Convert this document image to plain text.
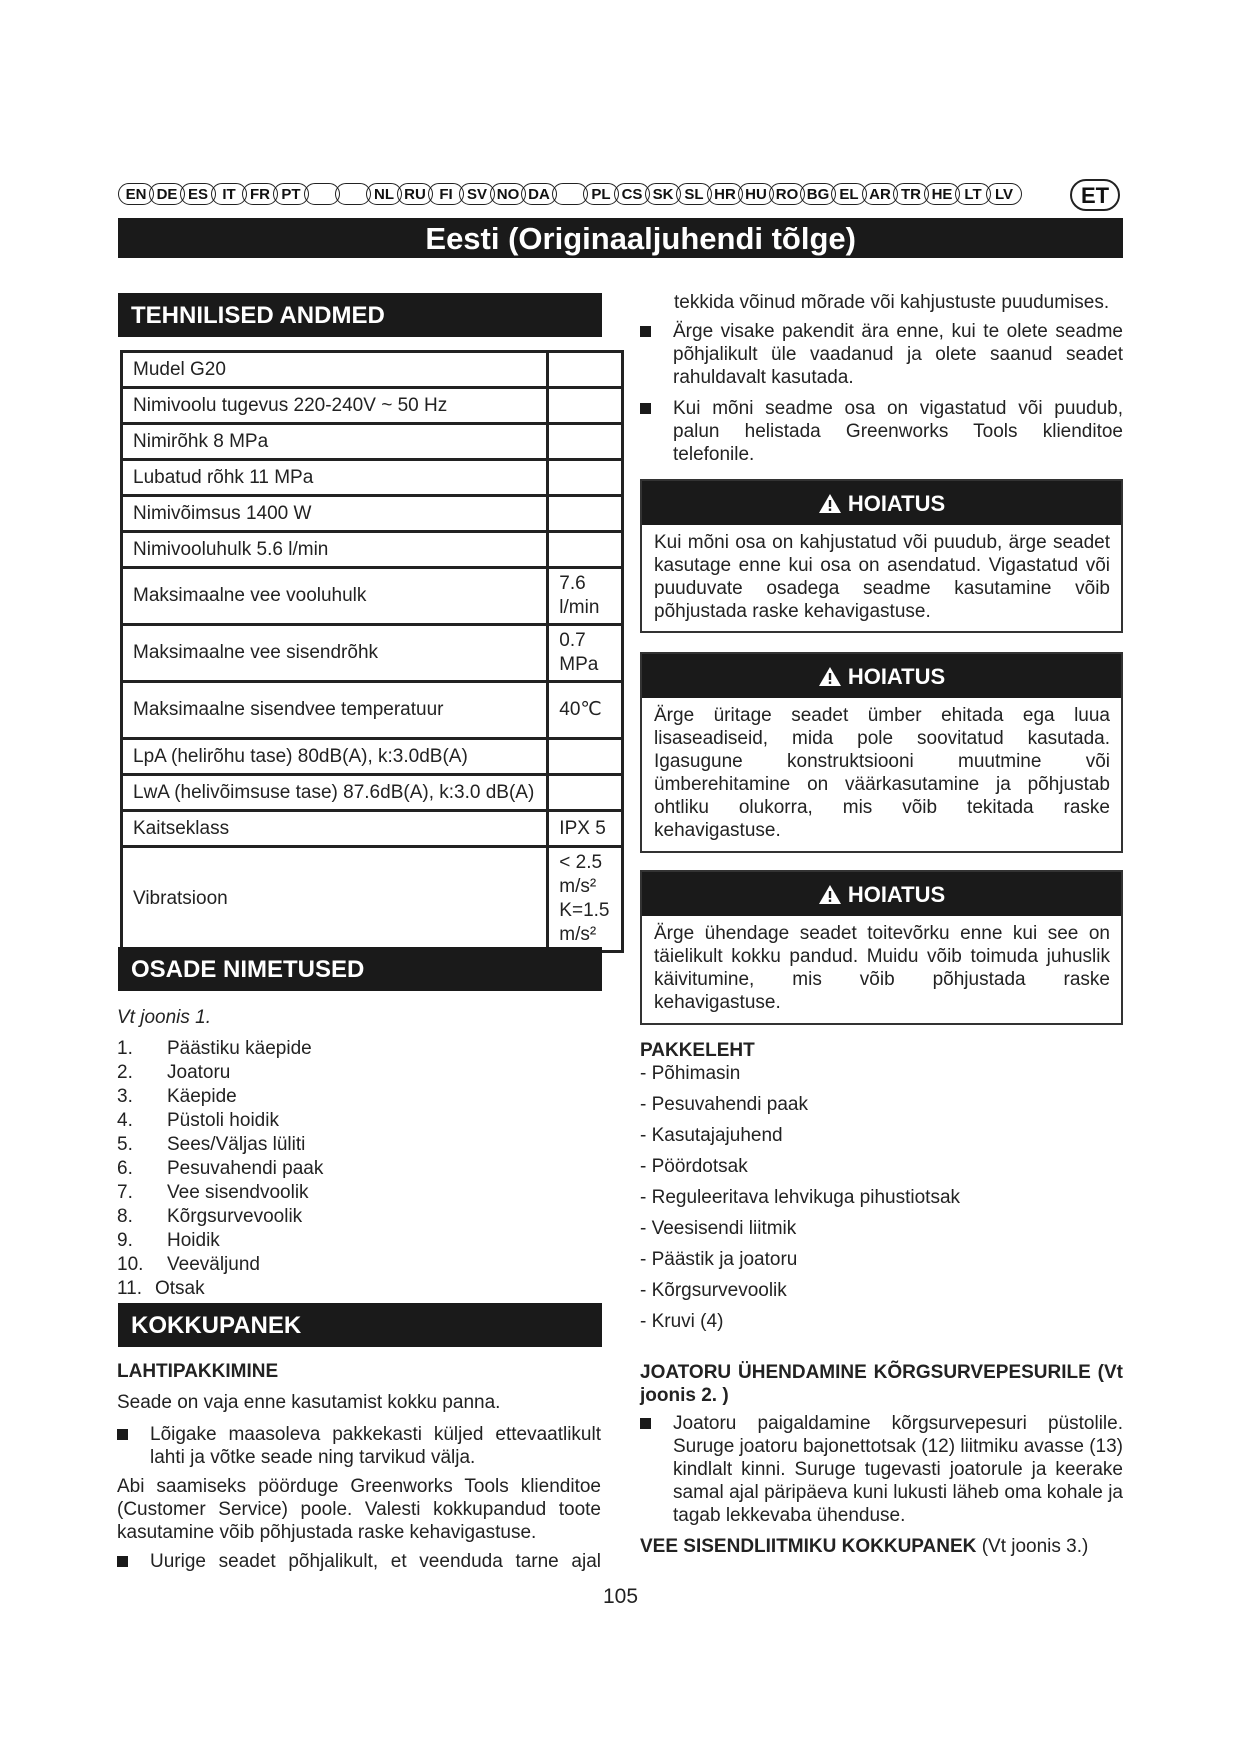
EN DE ES IT FR PT	NL RU FI SV NO DA	PL CS SK SL HR HU RO BG EL AR TR HE LT LV	ET
Eesti (Originaaljuhendi tõlge)
TEHNILISED ANDMED
Mudel G20	
Nimivoolu tugevus 220-240V ~ 50 Hz	
Nimirõhk 8 MPa	
Lubatud rõhk 11 MPa	
Nimivõimsus 1400 W	
Nimivooluhulk 5.6 l/min	
Maksimaalne vee vooluhulk	7.6 l/min
Maksimaalne vee sisendrõhk	0.7 MPa
Maksimaalne sisendvee temperatuur	40℃
LpA (helirõhu tase) 80dB(A), k:3.0dB(A)	
LwA (helivõimsuse tase) 87.6dB(A), k:3.0 dB(A)	
Kaitseklass	IPX 5
Vibratsioon	< 2.5 m/s² K=1.5 m/s²
OSADE NIMETUSED
Vt joonis 1.
1. Päästiku käepide
2. Joatoru
3. Käepide
4. Püstoli hoidik
5. Sees/Väljas lüliti
6. Pesuvahendi paak
7. Vee sisendvoolik
8. Kõrgsurvevoolik
9. Hoidik
10. Veeväljund
11. Otsak
KOKKUPANEK
LAHTIPAKKIMINE
Seade on vaja enne kasutamist kokku panna.
Lõigake maasoleva pakkekasti küljed ettevaatlikult lahti ja võtke seade ning tarvikud välja.
Abi saamiseks pöörduge Greenworks Tools klienditoe (Customer Service) poole. Valesti kokkupandud toote kasutamine võib põhjustada raske kehavigastuse.
Uurige seadet põhjalikult, et veenduda tarne ajal
tekkida võinud mõrade või kahjustuste puudumises.
Ärge visake pakendit ära enne, kui te olete seadme põhjalikult üle vaadanud ja olete saanud seadet rahuldavalt kasutada.
Kui mõni seadme osa on vigastatud või puudub, palun helistada Greenworks Tools klienditoe telefonile.
HOIATUS
Kui mõni osa on kahjustatud või puudub, ärge seadet kasutage enne kui osa on asendatud. Vigastatud või puuduvate osadega seadme kasutamine võib põhjustada raske kehavigastuse.
HOIATUS
Ärge üritage seadet ümber ehitada ega luua lisaseadiseid, mida pole soovitatud kasutada. Igasugune konstruktsiooni muutmine või ümberehitamine on väärkasutamine ja põhjustab ohtliku olukorra, mis võib tekitada raske kehavigastuse.
HOIATUS
Ärge ühendage seadet toitevõrku enne kui see on täielikult kokku pandud. Muidu võib toimuda juhuslik käivitumine, mis võib põhjustada raske kehavigastuse.
PAKKELEHT
- Põhimasin
- Pesuvahendi paak
- Kasutajajuhend
- Pöördotsak
- Reguleeritava lehvikuga pihustiotsak
- Veesisendi liitmik
- Päästik ja joatoru
- Kõrgsurvevoolik
- Kruvi (4)
JOATORU ÜHENDAMINE KÕRGSURVEPESURILE (Vt joonis 2. )
Joatoru paigaldamine kõrgsurvepesuri püstolile. Suruge joatoru bajonettotsak (12) liitmiku avasse (13) kindlalt kinni. Suruge tugevasti joatorule ja keerake samal ajal päripäeva kuni lukusti läheb oma kohale ja tagab lekkevaba ühenduse.
VEE SISENDLIITMIKU KOKKUPANEK (Vt joonis 3.)
105
